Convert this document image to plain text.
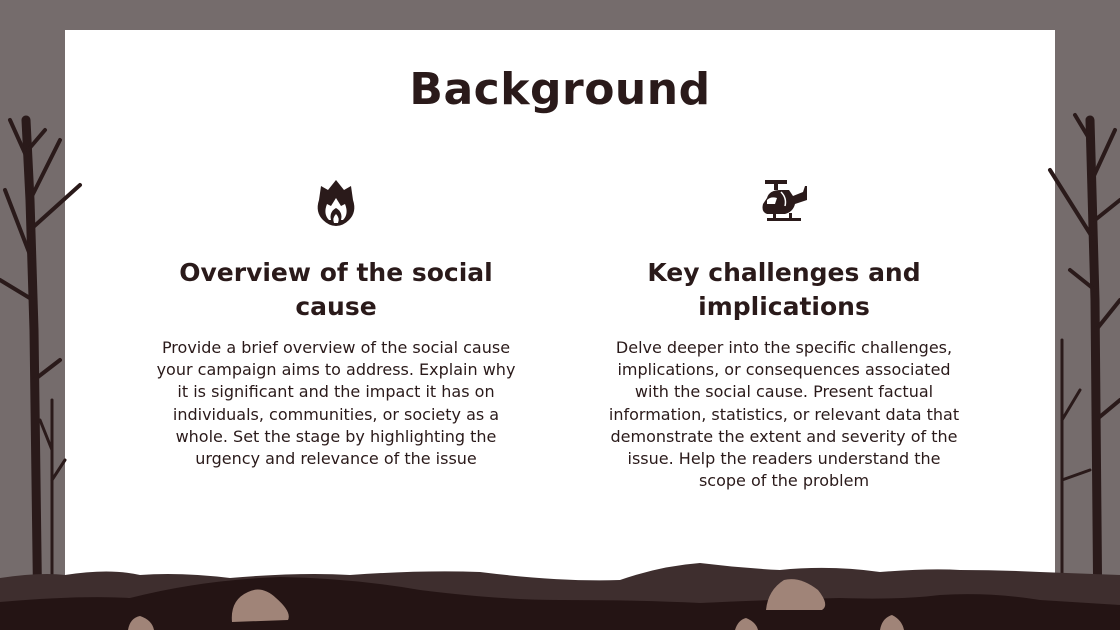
Background
Overview of the social cause

Provide a brief overview of the social cause your campaign aims to address. Explain why it is significant and the impact it has on individuals, communities, or society as a whole. Set the stage by highlighting the urgency and relevance of the issue

Key challenges and implications

Delve deeper into the specific challenges, implications, or consequences associated with the social cause. Present factual information, statistics, or relevant data that demonstrate the extent and severity of the issue. Help the readers understand the scope of the problem
